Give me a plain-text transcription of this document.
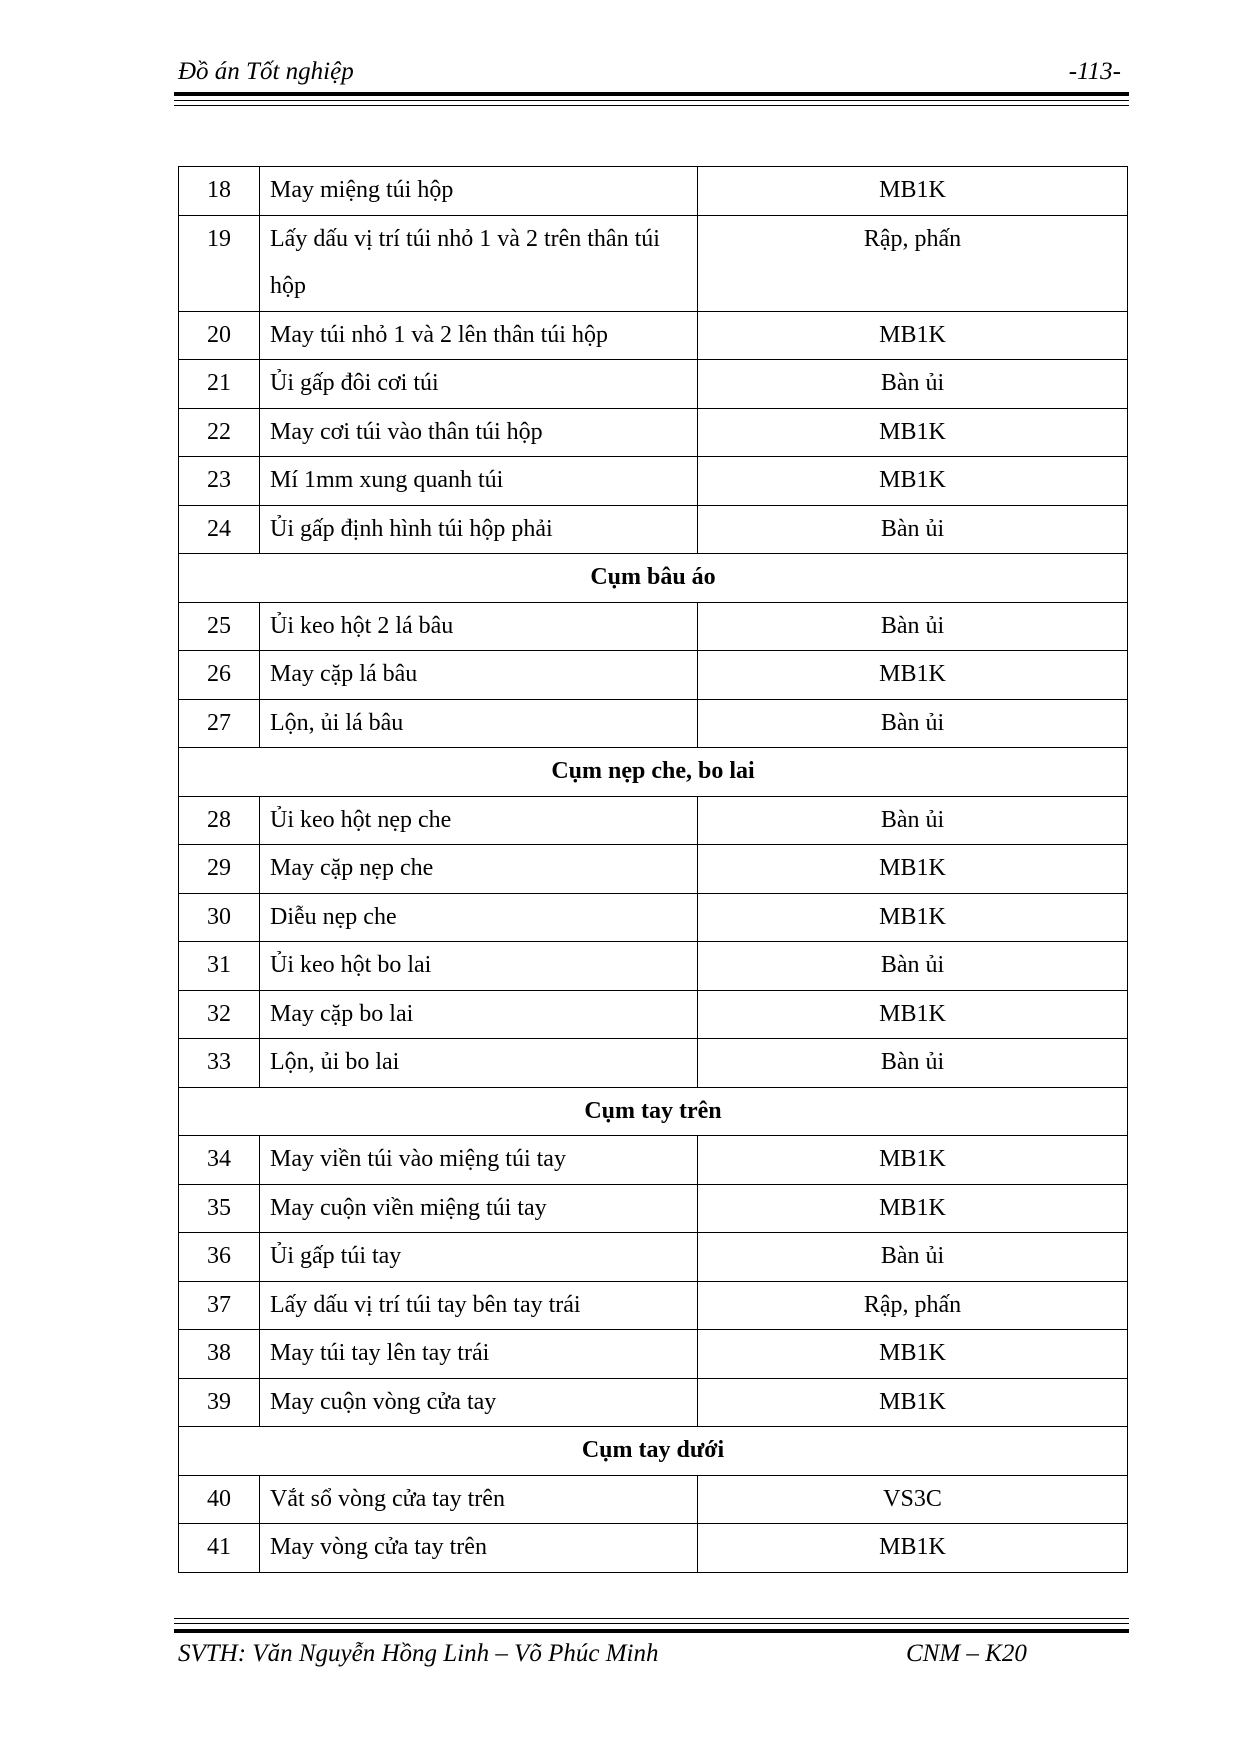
Đồ án Tốt nghiệp	-113-
18	May miệng túi hộp	MB1K
19	Lấy dấu vị trí túi nhỏ 1 và 2 trên thân túi hộp	Rập, phấn
20	May túi nhỏ 1 và 2 lên thân túi hộp	MB1K
21	Ủi gấp đôi cơi túi	Bàn ủi
22	May cơi túi vào thân túi hộp	MB1K
23	Mí 1mm xung quanh túi	MB1K
24	Ủi gấp định hình túi hộp phải	Bàn ủi
Cụm bâu áo		
25	Ủi keo hột 2 lá bâu	Bàn ủi
26	May cặp lá bâu	MB1K
27	Lộn, ủi lá bâu	Bàn ủi
Cụm nẹp che, bo lai		
28	Ủi keo hột nẹp che	Bàn ủi
29	May cặp nẹp che	MB1K
30	Diễu nẹp che	MB1K
31	Ủi keo hột bo lai	Bàn ủi
32	May cặp bo lai	MB1K
33	Lộn, ủi bo lai	Bàn ủi
Cụm tay trên		
34	May viền túi vào miệng túi tay	MB1K
35	May cuộn viền miệng túi tay	MB1K
36	Ủi gấp túi tay	Bàn ủi
37	Lấy dấu vị trí túi tay bên tay trái	Rập, phấn
38	May túi tay lên tay trái	MB1K
39	May cuộn vòng cửa tay	MB1K
Cụm tay dưới		
40	Vắt sổ vòng cửa tay trên	VS3C
41	May vòng cửa tay trên	MB1K
SVTH: Văn Nguyễn Hồng Linh – Võ Phúc Minh	CNM – K20
